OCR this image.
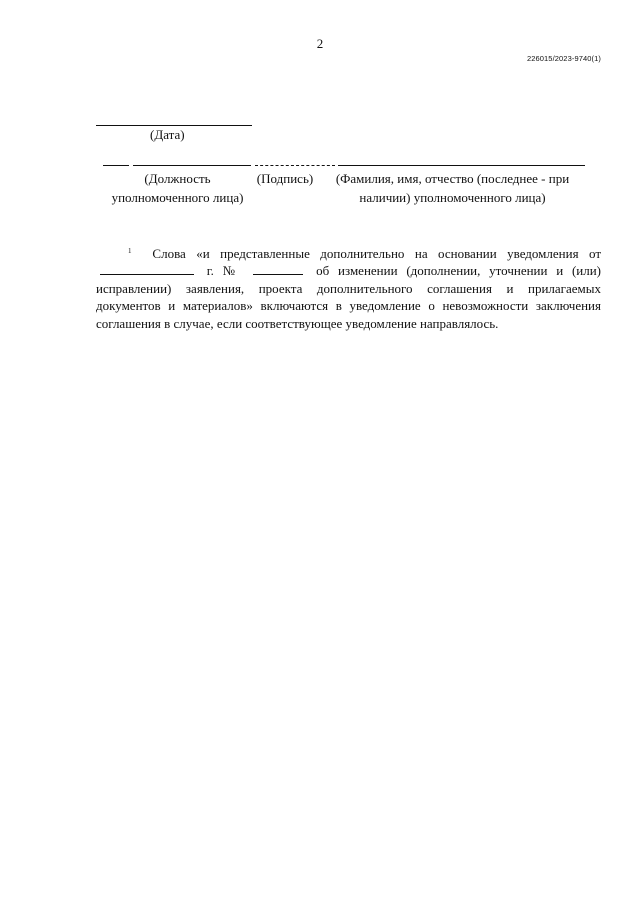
2
226015/2023-9740(1)
(Дата)
(Должность
уполномоченного лица)
(Подпись)	(Фамилия, имя, отчество (последнее - при
наличии) уполномоченного лица)
$^1$ Слова «и представленные дополнительно на основании уведомления от  г. №	об изменении (дополнении, уточнении и (или) исправлении) заявления, проекта дополнительного соглашения и прилагаемых документов и материалов» включаются в уведомление о невозможности заключения соглашения в случае, если соответствующее уведомление направлялось.
